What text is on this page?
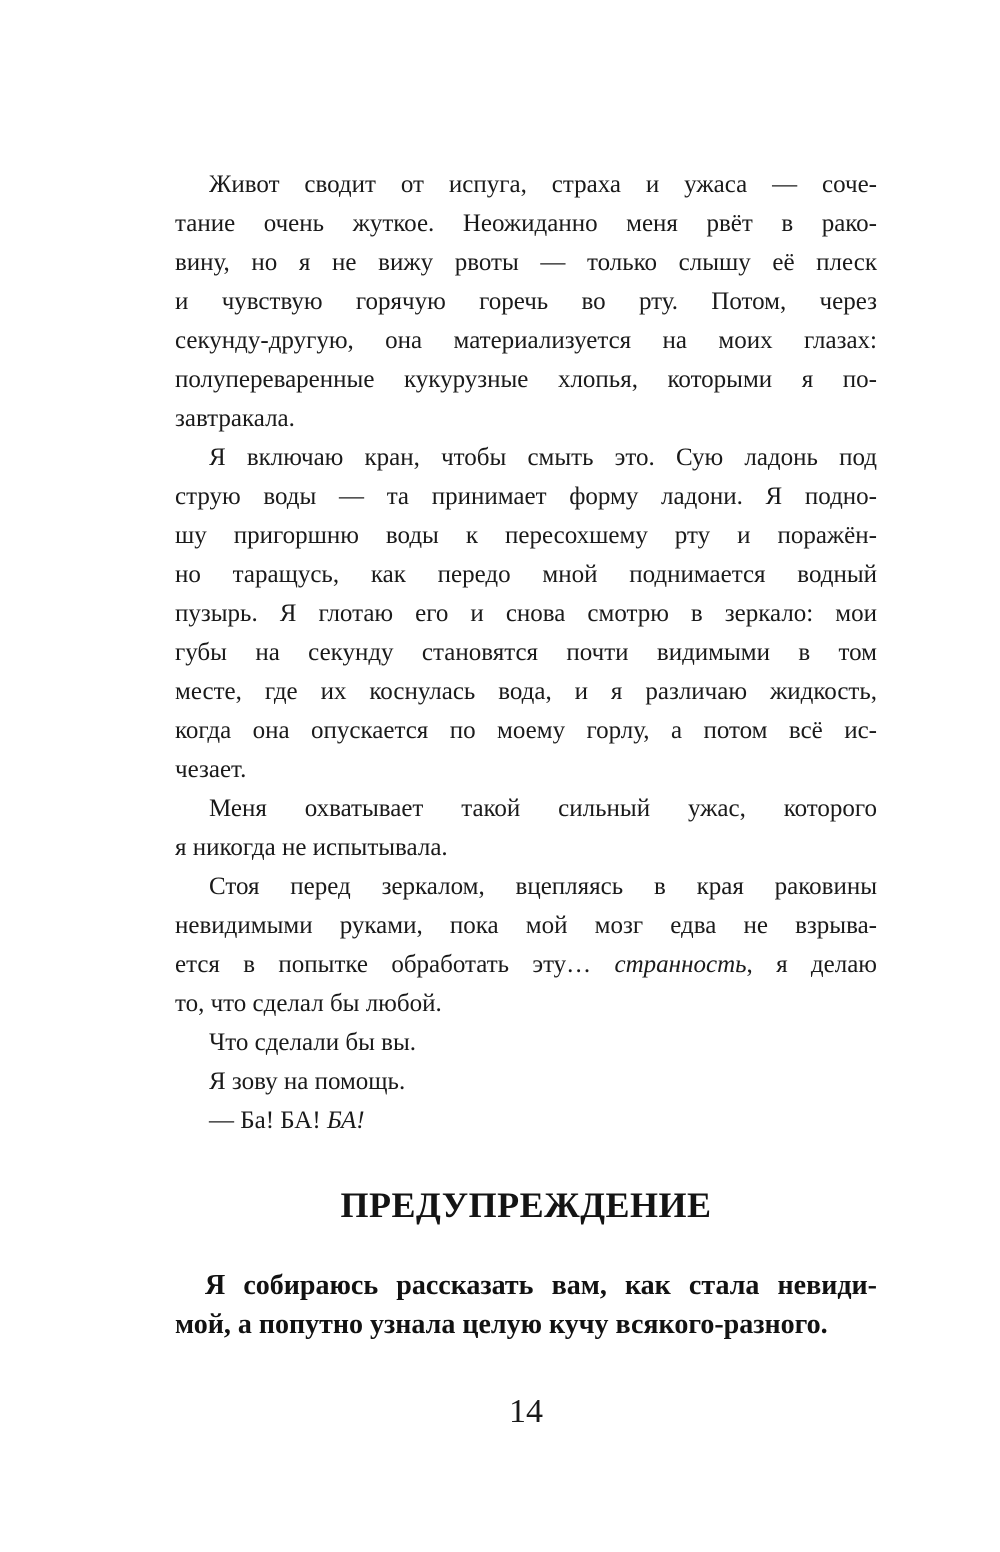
Живот сводит от испуга, страха и ужаса — соче-
тание очень жуткое. Неожиданно меня рвёт в рако-
вину, но я не вижу рвоты — только слышу её плеск
и чувствую горячую горечь во рту. Потом, через
секунду-другую, она материализуется на моих глазах:
полупереваренные кукурузные хлопья, которыми я по-
завтракала.
Я включаю кран, чтобы смыть это. Сую ладонь под
струю воды — та принимает форму ладони. Я подно-
шу пригоршню воды к пересохшему рту и поражён-
но таращусь, как передо мной поднимается водный
пузырь. Я глотаю его и снова смотрю в зеркало: мои
губы на секунду становятся почти видимыми в том
месте, где их коснулась вода, и я различаю жидкость,
когда она опускается по моему горлу, а потом всё ис-
чезает.
Меня охватывает такой сильный ужас, которого
я никогда не испытывала.
Стоя перед зеркалом, вцепляясь в края раковины
невидимыми руками, пока мой мозг едва не взрыва-
ется в попытке обработать эту… странность, я делаю
то, что сделал бы любой.
Что сделали бы вы.
Я зову на помощь.
— Ба! БА! БА!
ПРЕДУПРЕЖДЕНИЕ
Я собираюсь рассказать вам, как стала невиди-
мой, а попутно узнала целую кучу всякого-разного.
14
